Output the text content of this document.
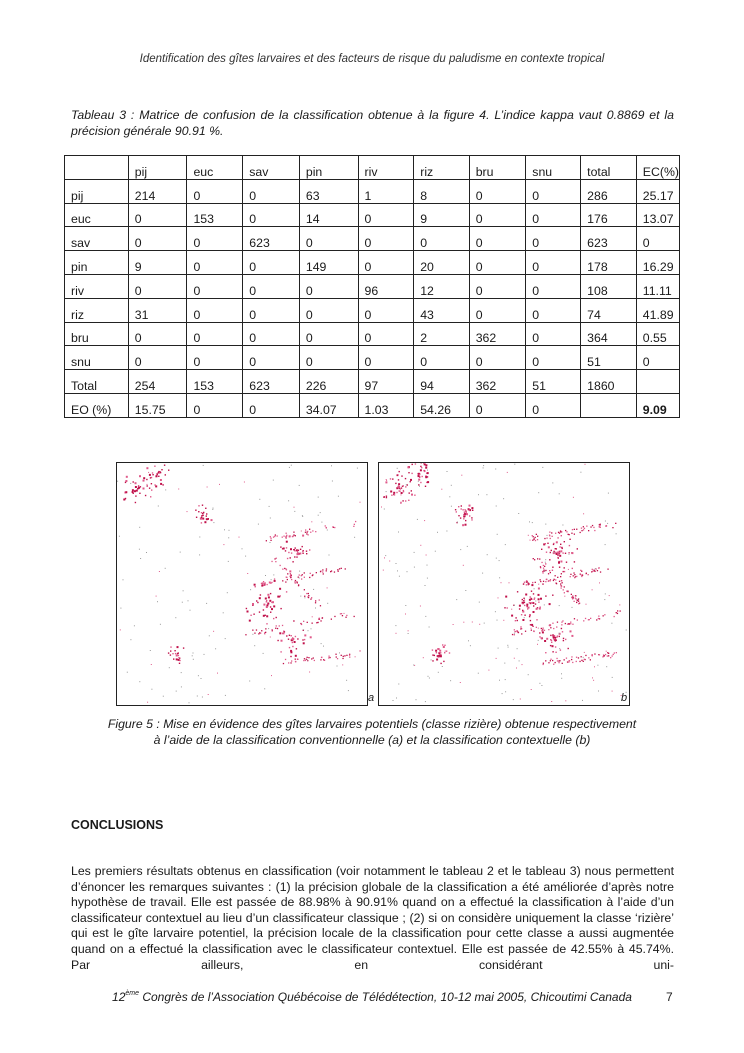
Identification des gîtes larvaires et des facteurs de risque du paludisme en contexte tropical
Tableau 3 : Matrice de confusion de la classification obtenue à la figure 4. L’indice kappa vaut 0.8869 et la précision générale 90.91 %.
	pij	euc	sav	pin	riv	riz	bru	snu	total	EC(%)
pij	214	0	0	63	1	8	0	0	286	25.17
euc	0	153	0	14	0	9	0	0	176	13.07
sav	0	0	623	0	0	0	0	0	623	0
pin	9	0	0	149	0	20	0	0	178	16.29
riv	0	0	0	0	96	12	0	0	108	11.11
riz	31	0	0	0	0	43	0	0	74	41.89
bru	0	0	0	0	0	2	362	0	364	0.55
snu	0	0	0	0	0	0	0	0	51	0
Total	254	153	623	226	97	94	362	51	1860	
EO (%)	15.75	0	0	34.07	1.03	54.26	0	0		9.09
a	b
Figure 5 : Mise en évidence des gîtes larvaires potentiels (classe rizière) obtenue respectivement
à l’aide de la classification conventionnelle (a) et la classification contextuelle (b)
CONCLUSIONS
Les premiers résultats obtenus en classification (voir notamment le tableau 2 et le tableau 3) nous permettent d’énoncer les remarques suivantes : (1) la précision globale de la classification a été améliorée d’après notre hypothèse de travail. Elle est passée de 88.98% à 90.91% quand on a effectué la classification à l’aide d’un classificateur contextuel au lieu d’un classificateur classique ; (2) si on considère uniquement la classe ‘rizière’ qui est le gîte larvaire potentiel, la précision locale de la classification pour cette classe a aussi augmentée quand on a effectué la classification avec le classificateur contextuel. Elle est passée de 42.55% à 45.74%. Par ailleurs, en considérant uni-
12ème Congrès de l’Association Québécoise de Télédétection, 10-12 mai 2005, Chicoutimi Canada	7
